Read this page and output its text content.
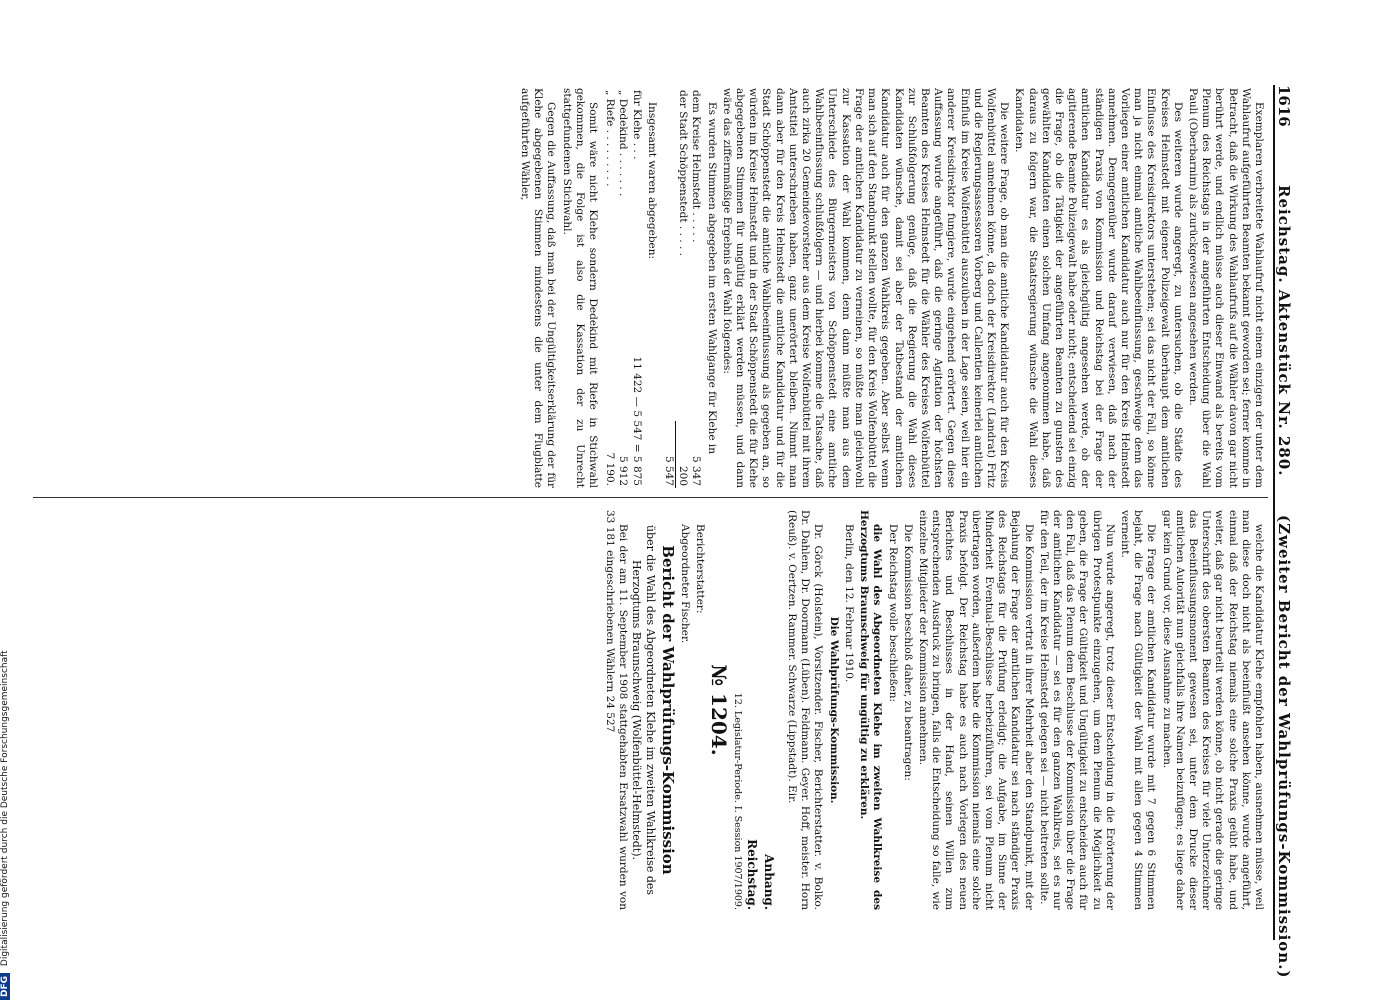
1616
Reichstag. Aktenstück Nr. 280.
(Zweiter Bericht der Wahlprüfungs-Kommission.)

Exemplaren verbreitete Wahlaufruf nicht einem einzigen der unter dem Wahlaufruf aufgeführten Beamten bekannt geworden sei; ferner komme in Betracht, daß die Wirkung des Wahlaufrufs auf die Wähler davon gar nicht berührt werde, und endlich müsse auch dieser Einwand als bereits vom Plenum des Reichstags in der angeführten Entscheidung über die Wahl Pauli (Oberbarnim) als zurückgewiesen angesehen werden.

Des weiteren wurde angeregt, zu untersuchen, ob die Städte des Kreises Helmstedt mit eigener Polizeigewalt überhaupt dem amtlichen Einflusse des Kreisdirektors unterstehen; sei das nicht der Fall, so könne man ja nicht einmal amtliche Wahlbeeinflussung, geschweige denn das Vorliegen einer amtlichen Kandidatur auch nur für den Kreis Helmstedt annehmen. Demgegenüber wurde darauf verwiesen, daß nach der ständigen Praxis von Kommission und Reichstag bei der Frage der amtlichen Kandidatur es als gleichgültig angesehen werde, ob der agitierende Beamte Polizeigewalt habe oder nicht; entscheidend sei einzig die Frage, ob die Tätigkeit der angeführten Beamten zu gunsten des gewählten Kandidaten einen solchen Umfang angenommen habe, daß daraus zu folgern war, die Staatsregierung wünsche die Wahl dieses Kandidaten.

Die weitere Frage, ob man die amtliche Kandidatur auch für den Kreis Wolfenbüttel annehmen könne, da doch der Kreisdirektor (Landrat) Fritz und die Regierungsassessoren Vorberg und Callentien keinerlei amtlichen Einfluß im Kreise Wolfenbüttel auszuüben in der Lage seien, weil hier ein anderer Kreisdirektor fungiere, wurde eingehend erörtert. Gegen diese Auffassung wurde angeführt, daß die geringe Agitation der höchsten Beamten des Kreises Helmstedt für die Wähler des Kreises Wolfenbüttel zur Schlußfolgerung genüge, daß die Regierung die Wahl dieses Kandidaten wünsche, damit sei aber der Tatbestand der amtlichen Kandidatur auch für den ganzen Wahlkreis gegeben. Aber selbst wenn man sich auf den Standpunkt stellen wollte, für den Kreis Wolfenbüttel die Frage der amtlichen Kandidatur zu verneinen, so müßte man gleichwohl zur Kassation der Wahl kommen, denn dann müßte man aus dem Unterschiede des Bürgermeisters von Schöppenstedt eine amtliche Wahlbeeinflussung schlußfolgern — und hierbei komme die Tatsache, daß auch zirka 20 Gemeindevorsteher aus dem Kreise Wolfenbüttel mit ihrem Amtstitel unterschrieben haben, ganz unerörtert bleiben. Nimmt man dann aber für den Kreis Helmstedt die amtliche Kandidatur und für die Stadt Schöppenstedt die amtliche Wahlbeeinflussung als gegeben an, so würden im Kreise Helmstedt und in der Stadt Schöppenstedt die für Klehe abgegebenen Stimmen für ungültig erklärt werden müssen, und dann wäre das ziffernmäßige Ergebnis der Wahl folgendes:

Es wurden Stimmen abgegeben im ersten Wahlgange für Klehe in

dem Kreise Helmstedt . . . . .	5 347
der Stadt Schöppenstedt . . . . .	200
	5 547

Insgesamt waren abgegeben:

für Klehe . . .	11 422 — 5 547 = 5 875
„ Dedekind . . . . . . .	5 912
„ Riefe . . . . . . . . .	7 190.

Somit wäre nicht Klehe sondern Dedekind mit Riefe in Stichwahl gekommen, die Folge ist also die Kassation der zu Unrecht stattgefundenen Stichwahl.

Gegen die Auffassung, daß man bei der Ungültigkeitserklärung der für Klehe abgegebenen Stimmen mindestens die unter dem Flugblatte aufgeführten Wähler,

welche die Kandidatur Klehe empfohlen haben, ausnehmen müsse, weil man diese doch nicht als beeinflußt ansehen könne, wurde angeführt, einmal daß der Reichstag niemals eine solche Praxis geübt habe, und weiter, daß gar nicht beurteilt werden könne, ob nicht gerade die geringe Unterschrift des obersten Beamten des Kreises für viele Unterzeichner das Beeinflussungsmoment gewesen sei, unter dem Drucke dieser amtlichen Autorität nun gleichfalls ihre Namen beizufügen; es liege daher gar kein Grund vor, diese Ausnahme zu machen.

Die Frage der amtlichen Kandidatur wurde mit 7 gegen 6 Stimmen bejaht, die Frage nach Gültigkeit der Wahl mit allen gegen 4 Stimmen verneint.

Nun wurde angeregt, trotz dieser Entscheidung in die Erörterung der übrigen Protestpunkte einzugehen, um dem Plenum die Möglichkeit zu geben, die Frage der Gültigkeit und Ungültigkeit zu entscheiden auch für den Fall, daß das Plenum dem Beschlusse der Kommission über die Frage der amtlichen Kandidatur — sei es für den ganzen Wahlkreis, sei es nur für den Teil, der im Kreise Helmstedt gelegen sei — nicht beitreten sollte.

Die Kommission vertrat in ihrer Mehrheit aber den Standpunkt, mit der Bejahung der Frage der amtlichen Kandidatur sei nach ständiger Praxis des Reichstags für die Prüfung erledigt; die Aufgabe, im Sinne der Minderheit Eventual-Beschlüsse herbeizuführen, sei vom Plenum nicht übertragen worden, außerdem habe die Kommission niemals eine solche Praxis befolgt. Der Reichstag habe es auch nach Vorlegen des neuen Berichtes und Beschlusses in der Hand, seinen Willen zum entsprechenden Ausdruck zu bringen, falls die Entscheidung so falle, wie einzelne Mitglieder der Kommission annehmen.

Die Kommission beschloß daher, zu beantragen:

Der Reichstag wolle beschließen:

die Wahl des Abgeordneten Klehe im zweiten Wahlkreise des Herzogtums Braunschweig für ungültig zu erklären.

Berlin, den 12. Februar 1910.

Die Wahlprüfungs-Kommission.

Dr. Görck (Holstein), Vorsitzender. Fischer, Berichterstatter. v. Bolko. Dr. Dahlem, Dr. Doormann (Lüben). Feldmann. Geyer. Hoff, meister. Horn (Reuß). v. Oertzen. Rammer. Schwarze (Lippstadt). Eir.

Anhang.
Reichstag.
12. Legislatur-Periode. I. Session 1907/1909.
№ 1204.

Berichterstatter:

Abgeordneter Fischer.

Bericht der Wahlprüfungs-Kommission
über die Wahl des Abgeordneten Klehe im zweiten Wahlkreise des Herzogtums Braunschweig (Wolfenbüttel-Helmstedt).

Bei der am 11. September 1908 stattgehabten Ersatzwahl wurden von 33 181 eingeschriebenen Wählern 24 527

DFG Digitalisierung gefördert durch die Deutsche Forschungsgemeinschaft
